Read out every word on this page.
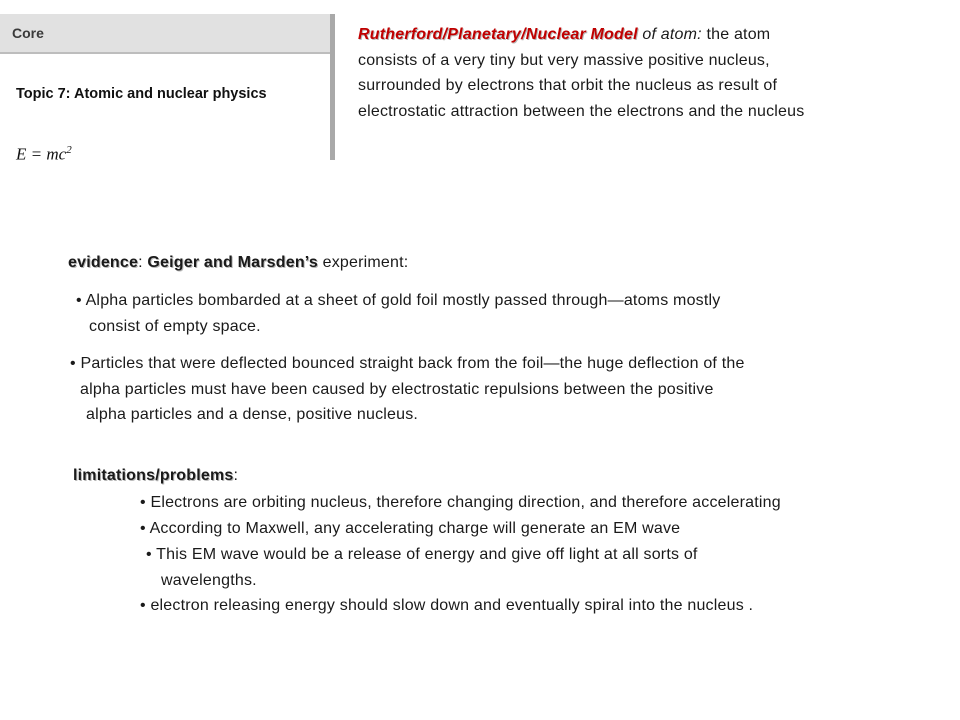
Core
Topic 7: Atomic and nuclear physics
$E = mc^2$
Rutherford/Planetary/Nuclear Model of atom: the atom
consists of a very tiny but very massive positive nucleus,
surrounded by electrons that orbit the nucleus as result of
electrostatic attraction between the electrons and the nucleus
evidence: Geiger and Marsden’s experiment:
• Alpha particles bombarded at a sheet of gold foil mostly passed through—atoms mostly
consist of empty space.
• Particles that were deflected bounced straight back from the foil—the huge deflection of the
alpha particles must have been caused by electrostatic repulsions between the positive
alpha particles and a dense, positive nucleus.
limitations/problems:
• Electrons are orbiting nucleus, therefore changing direction, and therefore accelerating
• According to Maxwell, any accelerating charge will generate an EM wave
• This EM wave would be a release of energy and give off light at all sorts of
wavelengths.
• electron releasing energy should slow down and eventually spiral into the nucleus .
